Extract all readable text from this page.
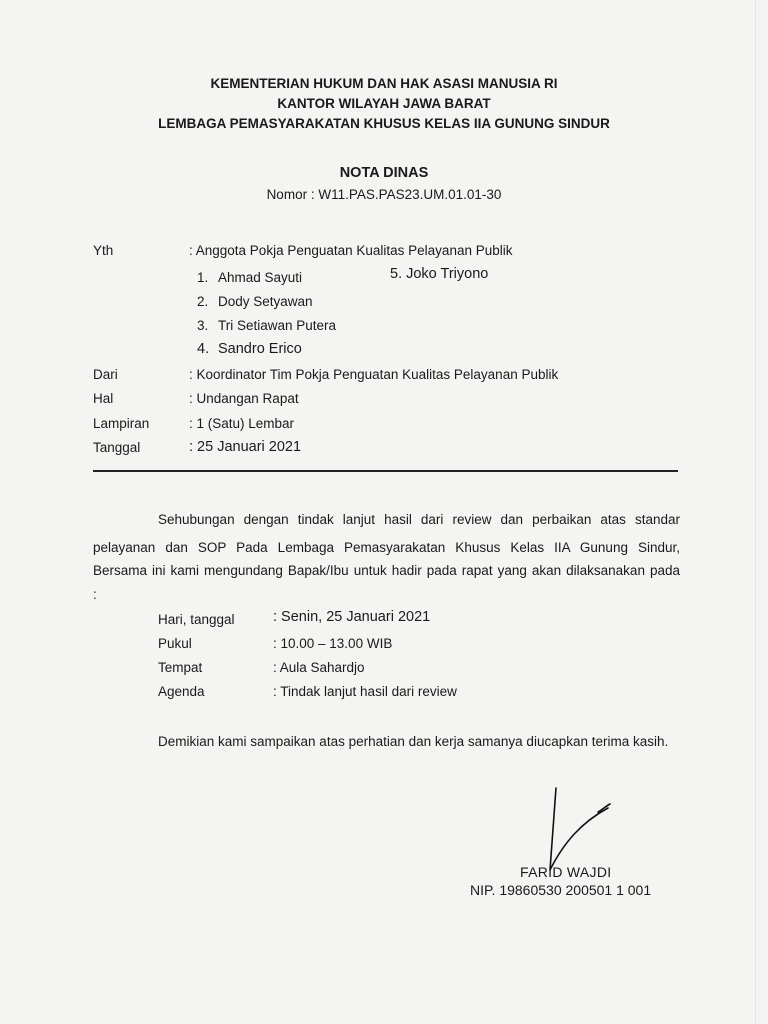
KEMENTERIAN HUKUM DAN HAK ASASI MANUSIA RI
KANTOR WILAYAH JAWA BARAT
LEMBAGA PEMASYARAKATAN KHUSUS KELAS IIA GUNUNG SINDUR
NOTA DINAS
Nomor : W11.PAS.PAS23.UM.01.01-30
Yth	: Anggota Pokja Penguatan Kualitas Pelayanan Publik
1. Ahmad Sayuti	5. Joko Triyono
2. Dody Setyawan
3. Tri Setiawan Putera
4. Sandro Erico
Dari	: Koordinator Tim Pokja Penguatan Kualitas Pelayanan Publik
Hal	: Undangan Rapat
Lampiran	: 1 (Satu) Lembar
Tanggal	: 25 Januari 2021
Sehubungan dengan tindak lanjut hasil dari review dan perbaikan atas standar
pelayanan dan SOP Pada Lembaga Pemasyarakatan Khusus Kelas IIA Gunung Sindur,
Bersama ini kami mengundang Bapak/Ibu untuk hadir pada rapat yang akan dilaksanakan pada
:
Hari, tanggal	: Senin, 25 Januari 2021
Pukul	: 10.00 – 13.00 WIB
Tempat	: Aula Sahardjo
Agenda	: Tindak lanjut hasil dari review
Demikian kami sampaikan atas perhatian dan kerja samanya diucapkan terima kasih.
FARID WAJDI
NIP. 19860530 200501 1 001
